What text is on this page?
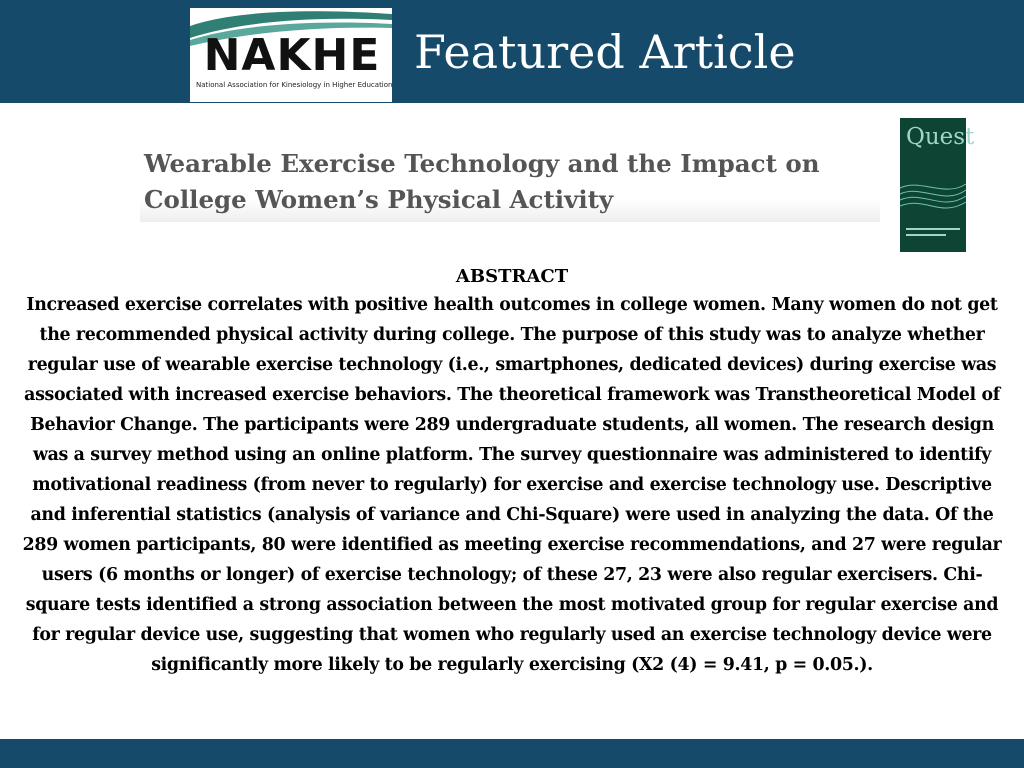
NAKHE
National Association for Kinesiology in Higher Education
Featured Article
Wearable Exercise Technology and the Impact on
College Women’s Physical Activity
Quest
ABSTRACT

Increased exercise correlates with positive health outcomes in college women. Many women do not get the recommended physical activity during college. The purpose of this study was to analyze whether regular use of wearable exercise technology (i.e., smartphones, dedicated devices) during exercise was associated with increased exercise behaviors. The theoretical framework was Transtheoretical Model of Behavior Change. The participants were 289 undergraduate students, all women. The research design was a survey method using an online platform. The survey questionnaire was administered to identify motivational readiness (from never to regularly) for exercise and exercise technology use. Descriptive and inferential statistics (analysis of variance and Chi-Square) were used in analyzing the data. Of the 289 women participants, 80 were identified as meeting exercise recommendations, and 27 were regular users (6 months or longer) of exercise technology; of these 27, 23 were also regular exercisers. Chi-square tests identified a strong association between the most motivated group for regular exercise and for regular device use, suggesting that women who regularly used an exercise technology device were significantly more likely to be regularly exercising (X2 (4) = 9.41, p = 0.05.).
